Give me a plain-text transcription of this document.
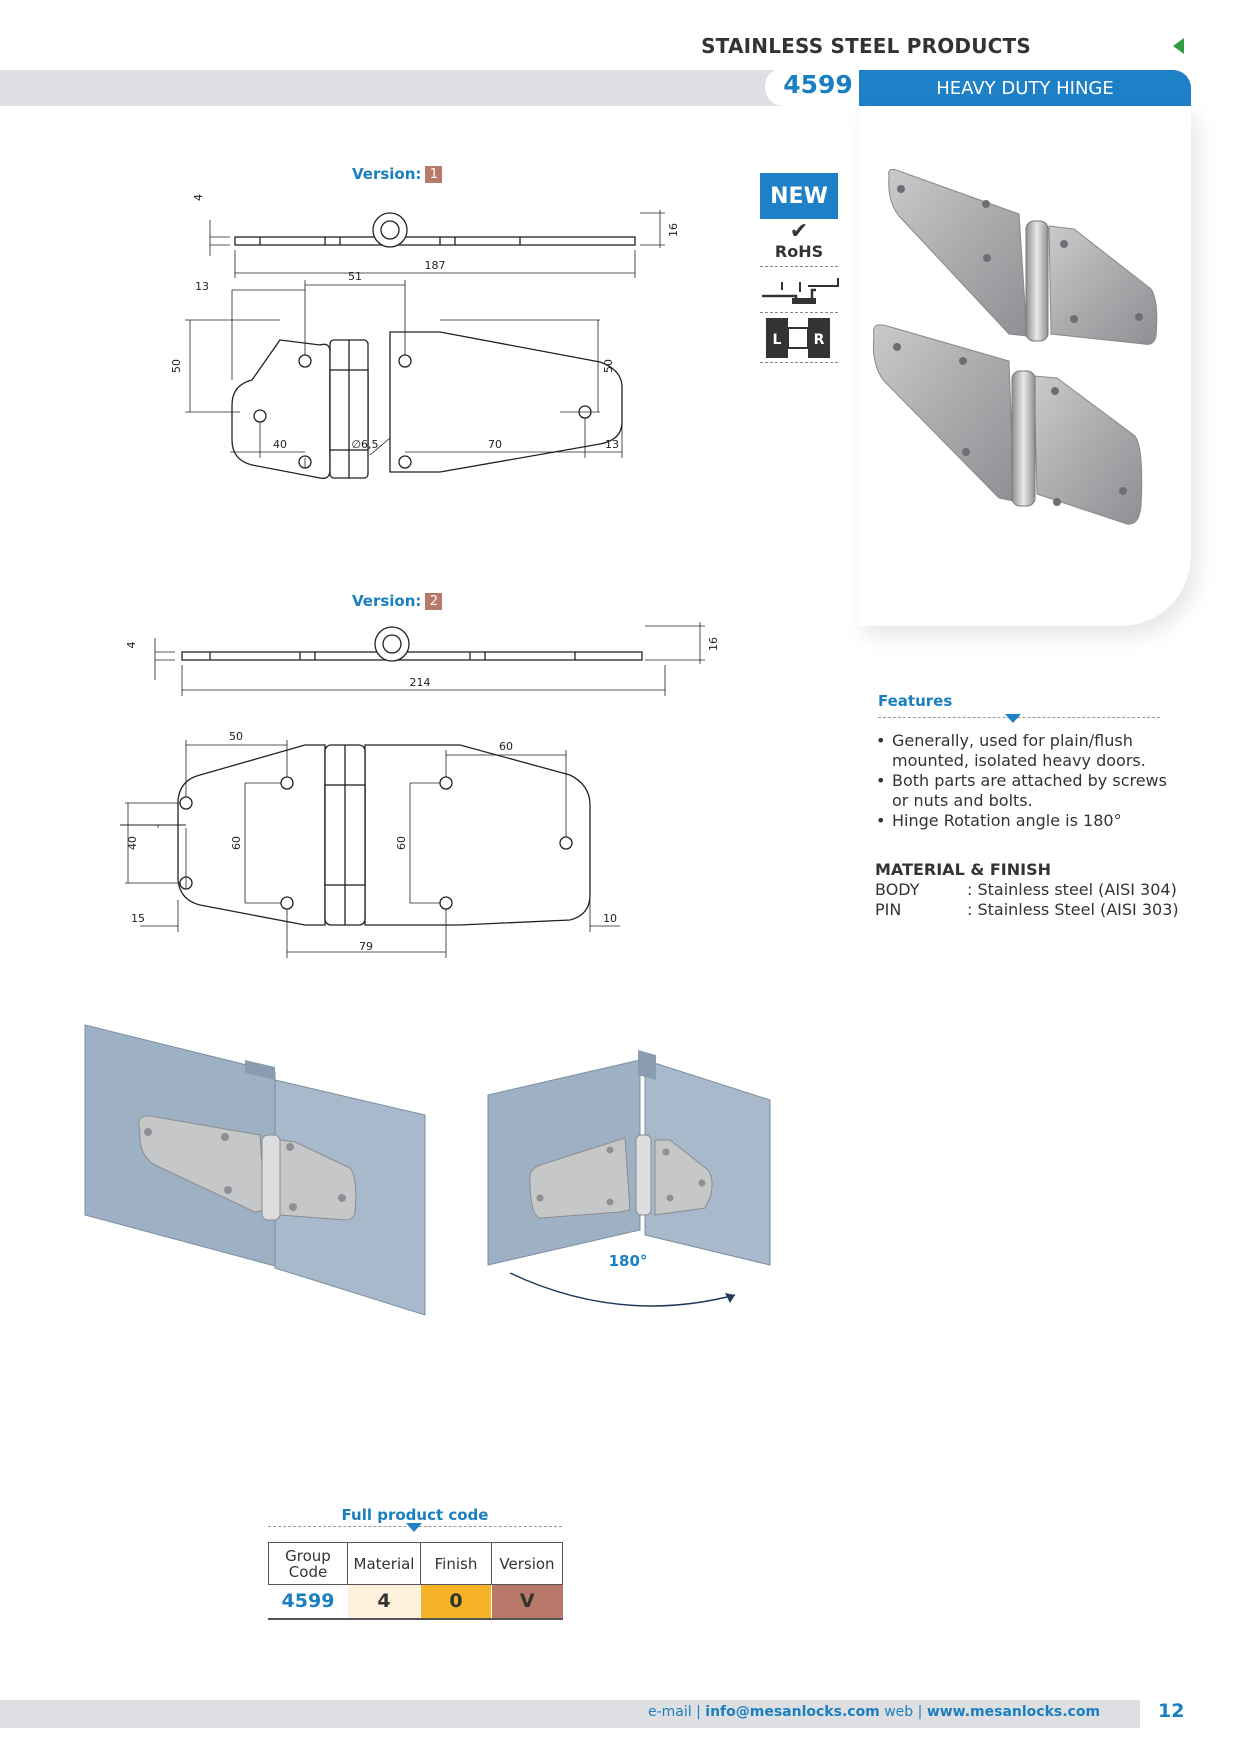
STAINLESS STEEL PRODUCTS
4599	HEAVY DUTY HINGE
NEW
✔
RoHS
L R
Version: 1
4
187
16
51
13
50	50
40	∅6,5	70	13
Version: 2
4
214
16
50
60
40	60	60
15	10
79
180°
Features
• Generally, used for plain/flush mounted, isolated heavy doors.
• Both parts are attached by screws or nuts and bolts.
• Hinge Rotation angle is 180°
MATERIAL & FINISH
BODY	: Stainless steel (AISI 304)
PIN	: Stainless Steel (AISI 303)
Full product code
Group Code	Material	Finish	Version
4599	4	0	V
e-mail | info@mesanlocks.com web | www.mesanlocks.com	12
